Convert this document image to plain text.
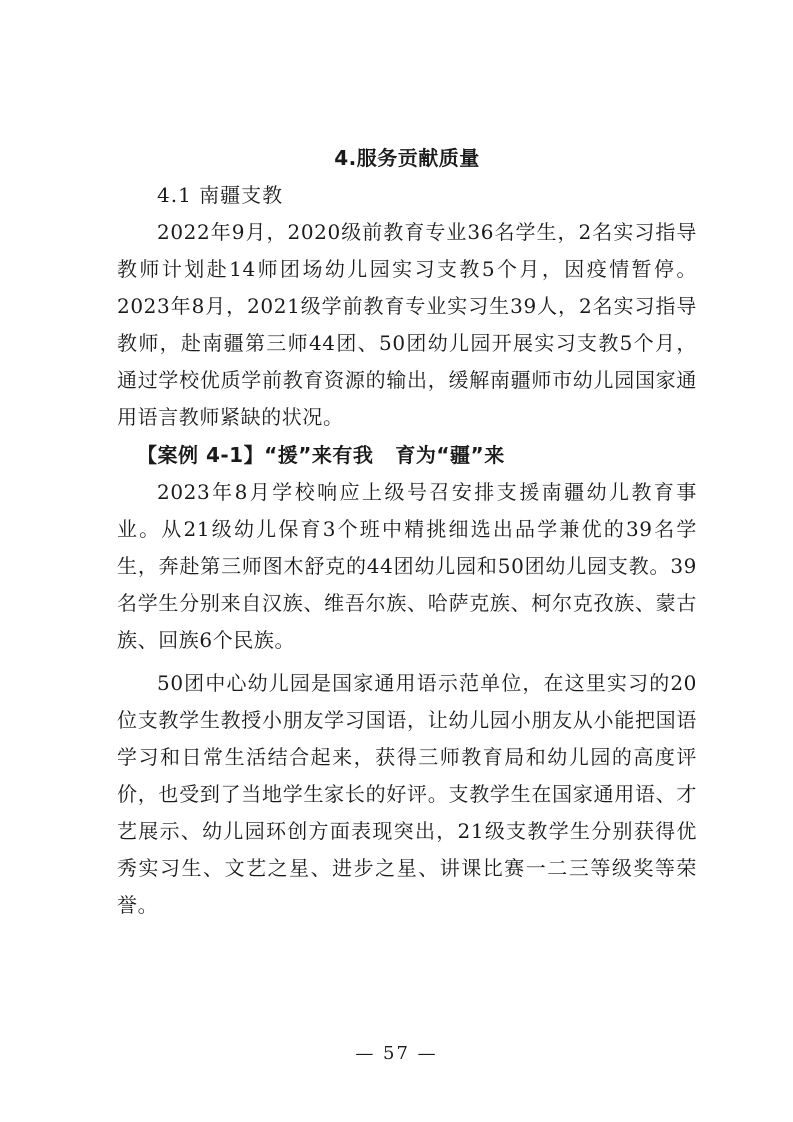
4.服务贡献质量

4.1 南疆支教

2022年9月，2020级前教育专业36名学生，2名实习指导教师计划赴14师团场幼儿园实习支教5个月，因疫情暂停。2023年8月，2021级学前教育专业实习生39人，2名实习指导教师，赴南疆第三师44团、50团幼儿园开展实习支教5个月，通过学校优质学前教育资源的输出，缓解南疆师市幼儿园国家通用语言教师紧缺的状况。

【案例 4-1】“援”来有我 育为“疆”来

2023年8月学校响应上级号召安排支援南疆幼儿教育事业。从21级幼儿保育3个班中精挑细选出品学兼优的39名学生，奔赴第三师图木舒克的44团幼儿园和50团幼儿园支教。39名学生分别来自汉族、维吾尔族、哈萨克族、柯尔克孜族、蒙古族、回族6个民族。

50团中心幼儿园是国家通用语示范单位，在这里实习的20位支教学生教授小朋友学习国语，让幼儿园小朋友从小能把国语学习和日常生活结合起来，获得三师教育局和幼儿园的高度评价，也受到了当地学生家长的好评。支教学生在国家通用语、才艺展示、幼儿园环创方面表现突出，21级支教学生分别获得优秀实习生、文艺之星、进步之星、讲课比赛一二三等级奖等荣誉。

— 57 —
